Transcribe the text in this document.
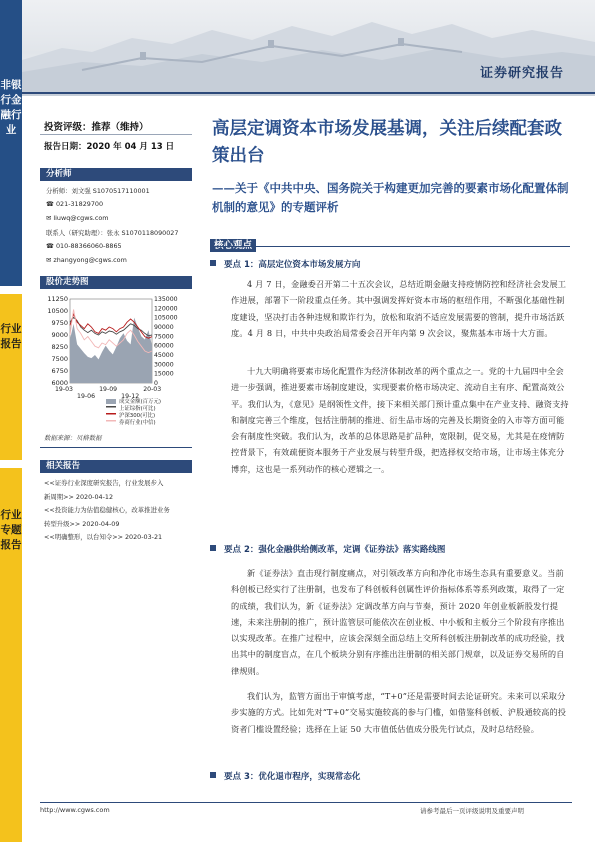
证券研究报告
非银行金融行业
行业报告
行业专题报告
投资评级：推荐（维持）
报告日期：2020 年 04 月 13 日
分析师
分析师：刘文强 S1070517110001
☎ 021-31829700
✉ liuwq@cgws.com
联系人（研究助理）：张永 S1070118090027
☎ 010-88366060-8865
✉ zhangyong@cgws.com
股价走势图
11250
10500
9750
9000
8250
7500
6750
6000
135000
120000
105000
90000
75000
60000
45000
30000
15000
0
19-03
19-06
19-09
19-12
20-03
成交金额(百万元)
上证综指(可比)
沪深300(可比)
券商行业(中信)
数据来源：贝格数据
相关报告
<<证券行业深度研究报告，行业发展步入
新周期>> 2020-04-12
<<投资能力为估值稳健核心，改革推进业务
转型升级>> 2020-04-09
<<明确整形，以台知令>> 2020-03-21
高层定调资本市场发展基调，关注后续配套政策出台
——关于《中共中央、国务院关于构建更加完善的要素市场化配置体制机制的意见》的专题评析
要点 1：高层定位资本市场发展方向
4 月 7 日，金融委召开第二十五次会议，总结近期金融支持疫情防控和经济社会发展工作进展，部署下一阶段重点任务。其中强调发挥好资本市场的枢纽作用，不断强化基础性制度建设，坚决打击各种违规和欺诈行为，放松和取消不适应发展需要的管制，提升市场活跃度。4 月 8 日，中共中央政治局常委会召开年内第 9 次会议，聚焦基本市场十大方面。
十九大明确将要素市场化配置作为经济体制改革的两个重点之一。党的十九届四中全会进一步强调，推进要素市场制度建设，实现要素价格市场决定、流动自主有序、配置高效公平。我们认为，《意见》是纲领性文件，接下来相关部门预计重点集中在产业支持、融资支持和制度完善三个维度，包括注册制的推进、衍生品市场的完善及长期资金的入市等方面可能会有制度性突破。我们认为，改革的总体思路是扩品种，宽限制，促交易，尤其是在疫情防控背景下，有效疏便资本服务于产业发展与转型升级，把选择权交给市场，让市场主体充分博弈，这也是一系列动作的核心逻辑之一。
要点 2：强化金融供给侧改革，定调《证券法》落实路线图
新《证券法》直击现行制度痛点，对引领改革方向和净化市场生态具有重要意义。当前科创板已经实行了注册制，也发布了科创板科创属性评价指标体系等系列政策，取得了一定的成绩，我们认为，新《证券法》定调改革方向与节奏，预计 2020 年创业板新股发行提速，未来注册制的推广，预计监管层可能依次在创业板、中小板和主板分三个阶段有序推出以实现改革。在推广过程中，应该会深刻全面总结上交所科创板注册制改革的成功经验，找出其中的制度盲点，在几个板块分别有序推出注册制的相关部门规章，以及证券交易所的自律规则。
我们认为，监管方面出于审慎考虑，“T+0”还是需要时间去论证研究。未来可以采取分步实施的方式。比如先对“T+0”交易实施较高的参与门槛，如借鉴科创板、沪股通较高的投资者门槛设置经验；选择在上证 50 大市值低估值成分股先行试点，及时总结经验。
要点 3：优化退市程序，实现常态化
http://www.cgws.com	请参考最后一页评级说明及重要声明
